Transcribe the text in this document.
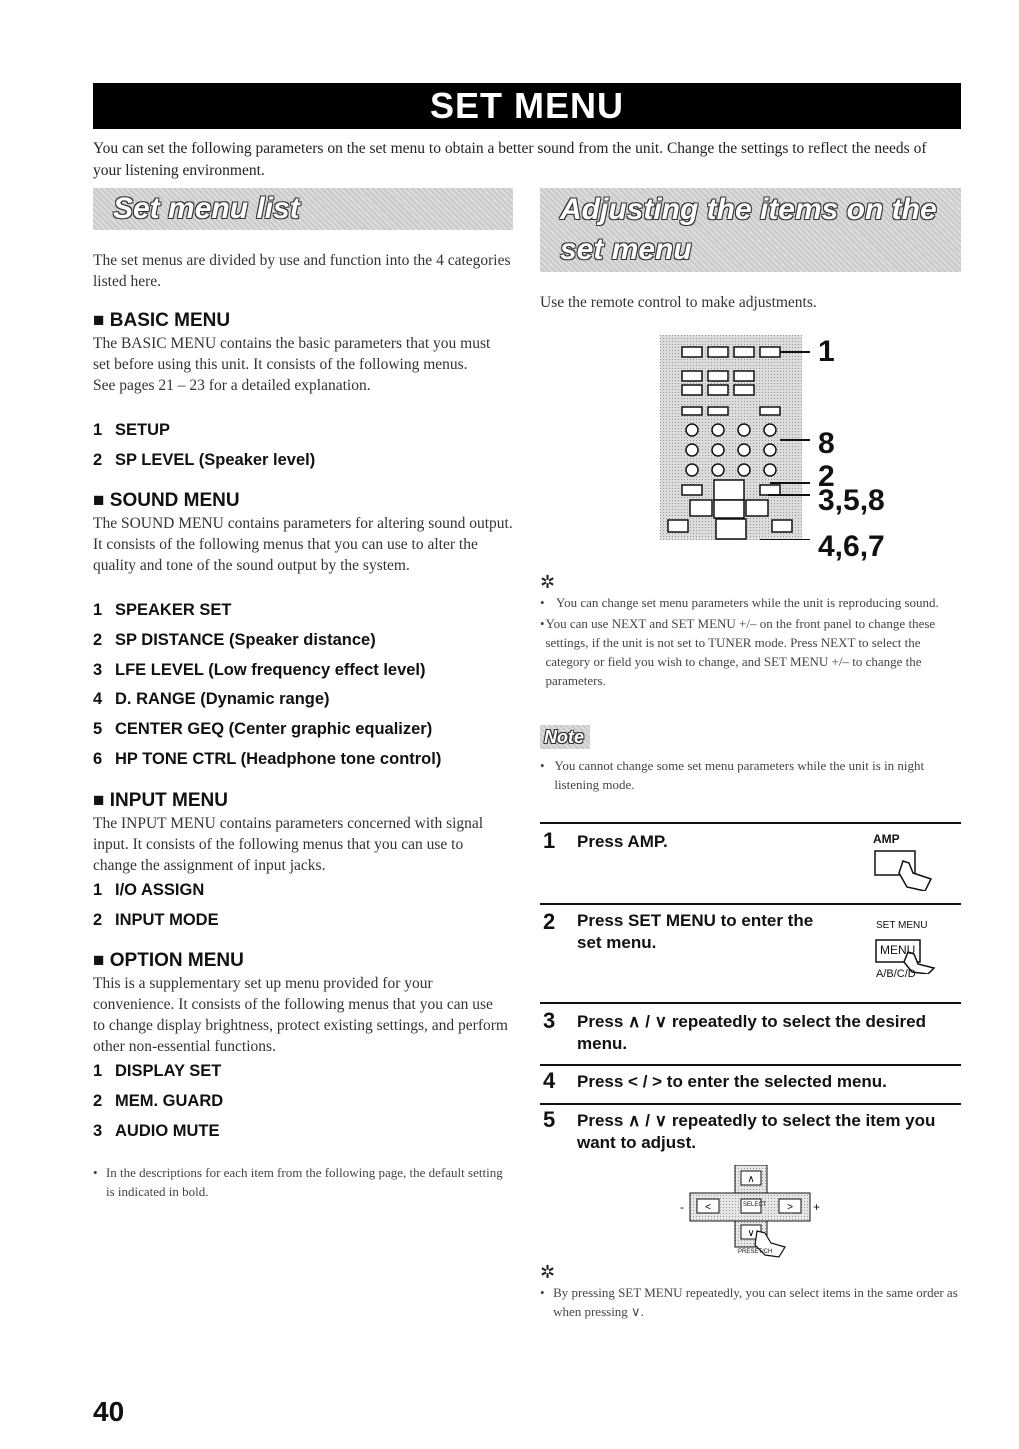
SET MENU
You can set the following parameters on the set menu to obtain a better sound from the unit. Change the settings to reflect the needs of your listening environment.
Set menu list
The set menus are divided by use and function into the 4 categories listed here.
■ BASIC MENU
The BASIC MENU contains the basic parameters that you must set before using this unit. It consists of the following menus. See pages 21 – 23 for a detailed explanation.
1 SETUP
2 SP LEVEL (Speaker level)
■ SOUND MENU
The SOUND MENU contains parameters for altering sound output. It consists of the following menus that you can use to alter the quality and tone of the sound output by the system.
1 SPEAKER SET
2 SP DISTANCE (Speaker distance)
3 LFE LEVEL (Low frequency effect level)
4 D. RANGE (Dynamic range)
5 CENTER GEQ (Center graphic equalizer)
6 HP TONE CTRL (Headphone tone control)
■ INPUT MENU
The INPUT MENU contains parameters concerned with signal input. It consists of the following menus that you can use to change the assignment of input jacks.
1 I/O ASSIGN
2 INPUT MODE
■ OPTION MENU
This is a supplementary set up menu provided for your convenience. It consists of the following menus that you can use to change display brightness, protect existing settings, and perform other non-essential functions.
1 DISPLAY SET
2 MEM. GUARD
3 AUDIO MUTE
• In the descriptions for each item from the following page, the default setting is indicated in bold.
Adjusting the items on the set menu
Use the remote control to make adjustments.
1
8
2
3,5,8
4,6,7
✲
• You can change set menu parameters while the unit is reproducing sound.
• You can use NEXT and SET MENU +/– on the front panel to change these settings, if the unit is not set to TUNER mode. Press NEXT to select the category or field you wish to change, and SET MENU +/– to change the parameters.
Note
• You cannot change some set menu parameters while the unit is in night listening mode.
1 Press AMP.	AMP
2 Press SET MENU to enter the set menu.
SET MENU
MENU
A/B/C/D
3 Press ∧ / ∨ repeatedly to select the desired menu.
4 Press < / > to enter the selected menu.
5 Press ∧ / ∨ repeatedly to select the item you want to adjust.
∧
<	>
∨
SELECT
-	+
PRESET/CH
✲
• By pressing SET MENU repeatedly, you can select items in the same order as when pressing ∨.
40
